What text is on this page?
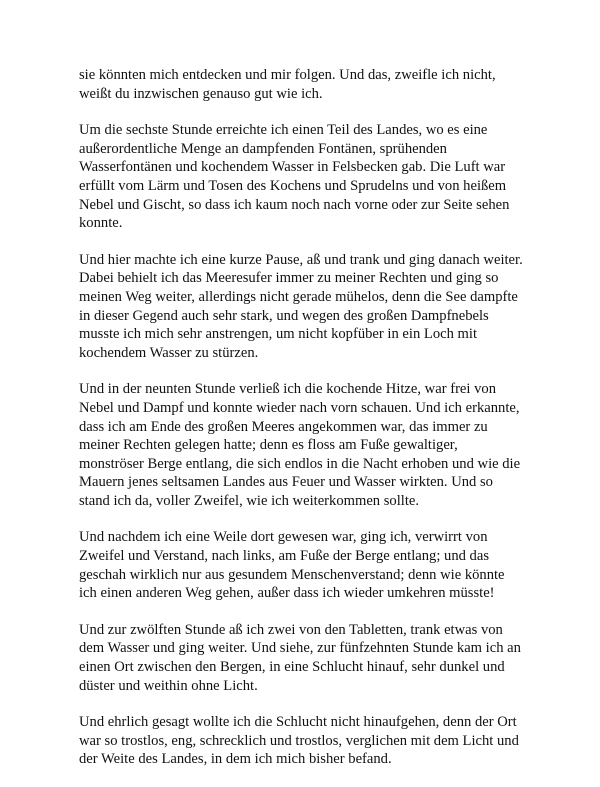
sie könnten mich entdecken und mir folgen. Und das, zweifle ich nicht,
weißt du inzwischen genauso gut wie ich.

Um die sechste Stunde erreichte ich einen Teil des Landes, wo es eine
außerordentliche Menge an dampfenden Fontänen, sprühenden
Wasserfontänen und kochendem Wasser in Felsbecken gab. Die Luft war
erfüllt vom Lärm und Tosen des Kochens und Sprudelns und von heißem
Nebel und Gischt, so dass ich kaum noch nach vorne oder zur Seite sehen
konnte.

Und hier machte ich eine kurze Pause, aß und trank und ging danach weiter.
Dabei behielt ich das Meeresufer immer zu meiner Rechten und ging so
meinen Weg weiter, allerdings nicht gerade mühelos, denn die See dampfte
in dieser Gegend auch sehr stark, und wegen des großen Dampfnebels
musste ich mich sehr anstrengen, um nicht kopfüber in ein Loch mit
kochendem Wasser zu stürzen.

Und in der neunten Stunde verließ ich die kochende Hitze, war frei von
Nebel und Dampf und konnte wieder nach vorn schauen. Und ich erkannte,
dass ich am Ende des großen Meeres angekommen war, das immer zu
meiner Rechten gelegen hatte; denn es floss am Fuße gewaltiger,
monströser Berge entlang, die sich endlos in die Nacht erhoben und wie die
Mauern jenes seltsamen Landes aus Feuer und Wasser wirkten. Und so
stand ich da, voller Zweifel, wie ich weiterkommen sollte.

Und nachdem ich eine Weile dort gewesen war, ging ich, verwirrt von
Zweifel und Verstand, nach links, am Fuße der Berge entlang; und das
geschah wirklich nur aus gesundem Menschenverstand; denn wie könnte
ich einen anderen Weg gehen, außer dass ich wieder umkehren müsste!

Und zur zwölften Stunde aß ich zwei von den Tabletten, trank etwas von
dem Wasser und ging weiter. Und siehe, zur fünfzehnten Stunde kam ich an
einen Ort zwischen den Bergen, in eine Schlucht hinauf, sehr dunkel und
düster und weithin ohne Licht.

Und ehrlich gesagt wollte ich die Schlucht nicht hinaufgehen, denn der Ort
war so trostlos, eng, schrecklich und trostlos, verglichen mit dem Licht und
der Weite des Landes, in dem ich mich bisher befand.
